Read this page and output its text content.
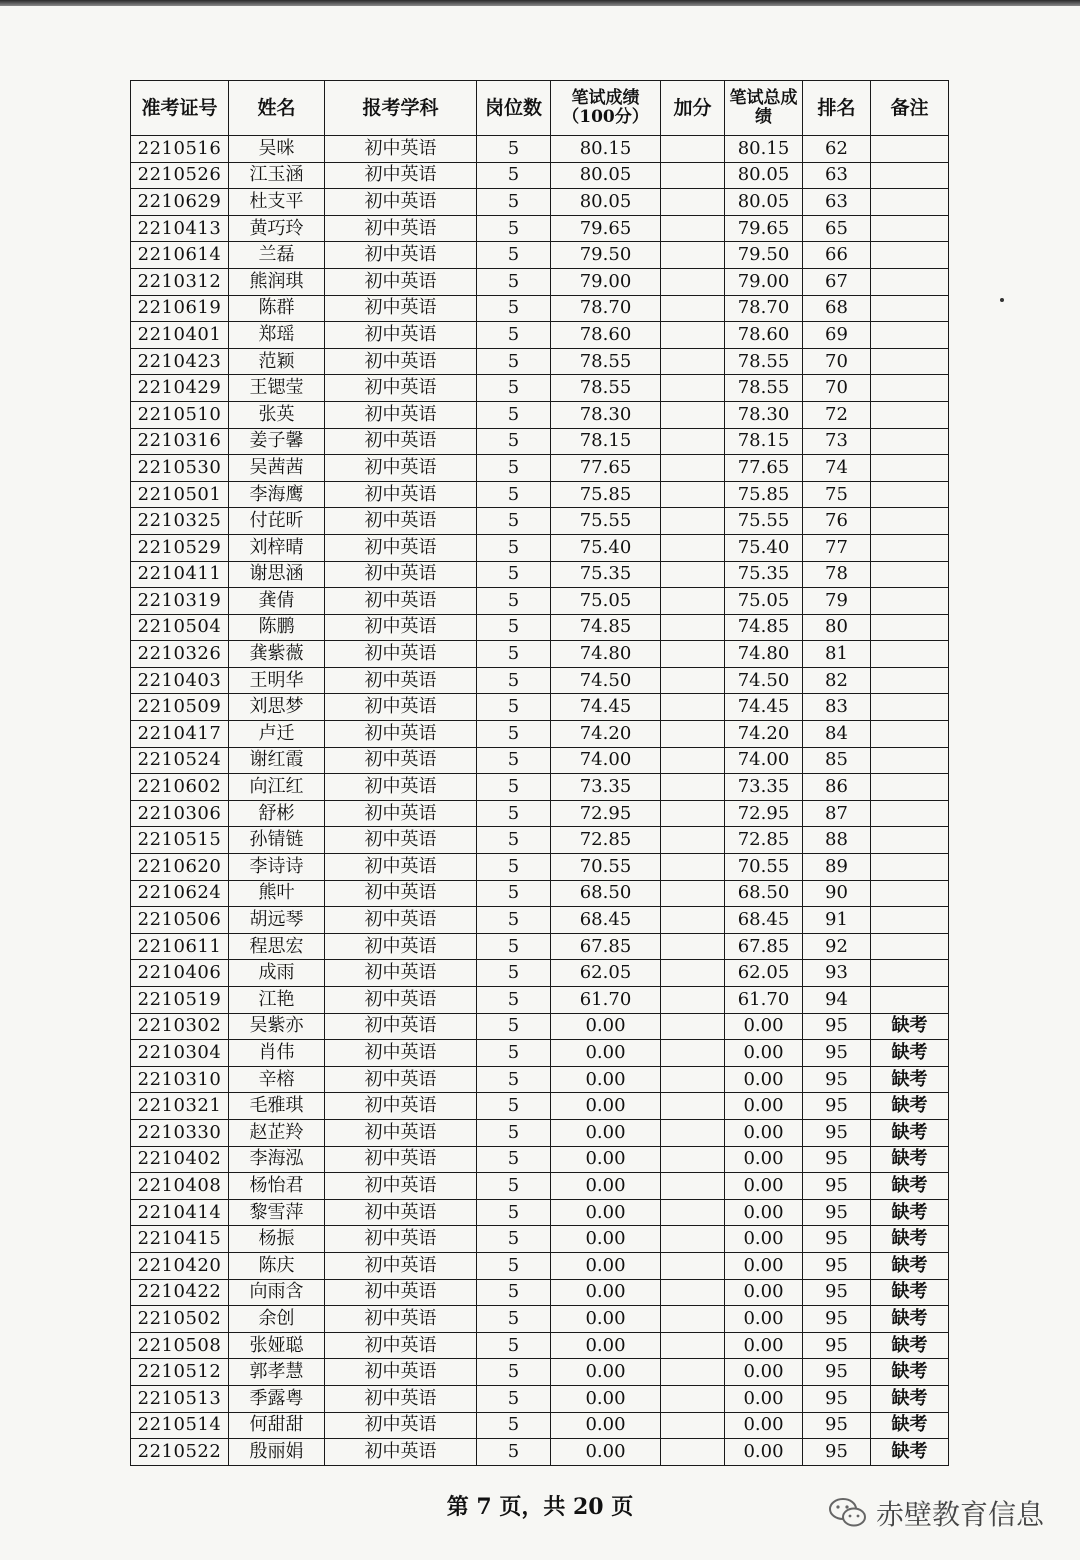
准考证号	姓名	报考学科	岗位数	笔试成绩（100分）	加分	笔试总成绩	排名	备注
2210516	吴咪	初中英语	5	80.15		80.15	62	
2210526	江玉涵	初中英语	5	80.05		80.05	63	
2210629	杜支平	初中英语	5	80.05		80.05	63	
2210413	黄巧玲	初中英语	5	79.65		79.65	65	
2210614	兰磊	初中英语	5	79.50		79.50	66	
2210312	熊润琪	初中英语	5	79.00		79.00	67	
2210619	陈群	初中英语	5	78.70		78.70	68	
2210401	郑瑶	初中英语	5	78.60		78.60	69	
2210423	范颖	初中英语	5	78.55		78.55	70	
2210429	王锶莹	初中英语	5	78.55		78.55	70	
2210510	张英	初中英语	5	78.30		78.30	72	
2210316	姜子馨	初中英语	5	78.15		78.15	73	
2210530	吴茜茜	初中英语	5	77.65		77.65	74	
2210501	李海鹰	初中英语	5	75.85		75.85	75	
2210325	付芘昕	初中英语	5	75.55		75.55	76	
2210529	刘梓晴	初中英语	5	75.40		75.40	77	
2210411	谢思涵	初中英语	5	75.35		75.35	78	
2210319	龚倩	初中英语	5	75.05		75.05	79	
2210504	陈鹏	初中英语	5	74.85		74.85	80	
2210326	龚紫薇	初中英语	5	74.80		74.80	81	
2210403	王明华	初中英语	5	74.50		74.50	82	
2210509	刘思梦	初中英语	5	74.45		74.45	83	
2210417	卢迁	初中英语	5	74.20		74.20	84	
2210524	谢红霞	初中英语	5	74.00		74.00	85	
2210602	向江红	初中英语	5	73.35		73.35	86	
2210306	舒彬	初中英语	5	72.95		72.95	87	
2210515	孙锖链	初中英语	5	72.85		72.85	88	
2210620	李诗诗	初中英语	5	70.55		70.55	89	
2210624	熊叶	初中英语	5	68.50		68.50	90	
2210506	胡远琴	初中英语	5	68.45		68.45	91	
2210611	程思宏	初中英语	5	67.85		67.85	92	
2210406	成雨	初中英语	5	62.05		62.05	93	
2210519	江艳	初中英语	5	61.70		61.70	94	
2210302	吴紫亦	初中英语	5	0.00		0.00	95	缺考
2210304	肖伟	初中英语	5	0.00		0.00	95	缺考
2210310	辛榕	初中英语	5	0.00		0.00	95	缺考
2210321	毛雅琪	初中英语	5	0.00		0.00	95	缺考
2210330	赵芷羚	初中英语	5	0.00		0.00	95	缺考
2210402	李海泓	初中英语	5	0.00		0.00	95	缺考
2210408	杨怡君	初中英语	5	0.00		0.00	95	缺考
2210414	黎雪萍	初中英语	5	0.00		0.00	95	缺考
2210415	杨振	初中英语	5	0.00		0.00	95	缺考
2210420	陈庆	初中英语	5	0.00		0.00	95	缺考
2210422	向雨含	初中英语	5	0.00		0.00	95	缺考
2210502	余创	初中英语	5	0.00		0.00	95	缺考
2210508	张娅聪	初中英语	5	0.00		0.00	95	缺考
2210512	郭孝慧	初中英语	5	0.00		0.00	95	缺考
2210513	季露粤	初中英语	5	0.00		0.00	95	缺考
2210514	何甜甜	初中英语	5	0.00		0.00	95	缺考
2210522	殷丽娟	初中英语	5	0.00		0.00	95	缺考
第 7 页，共 20 页	赤壁教育信息
